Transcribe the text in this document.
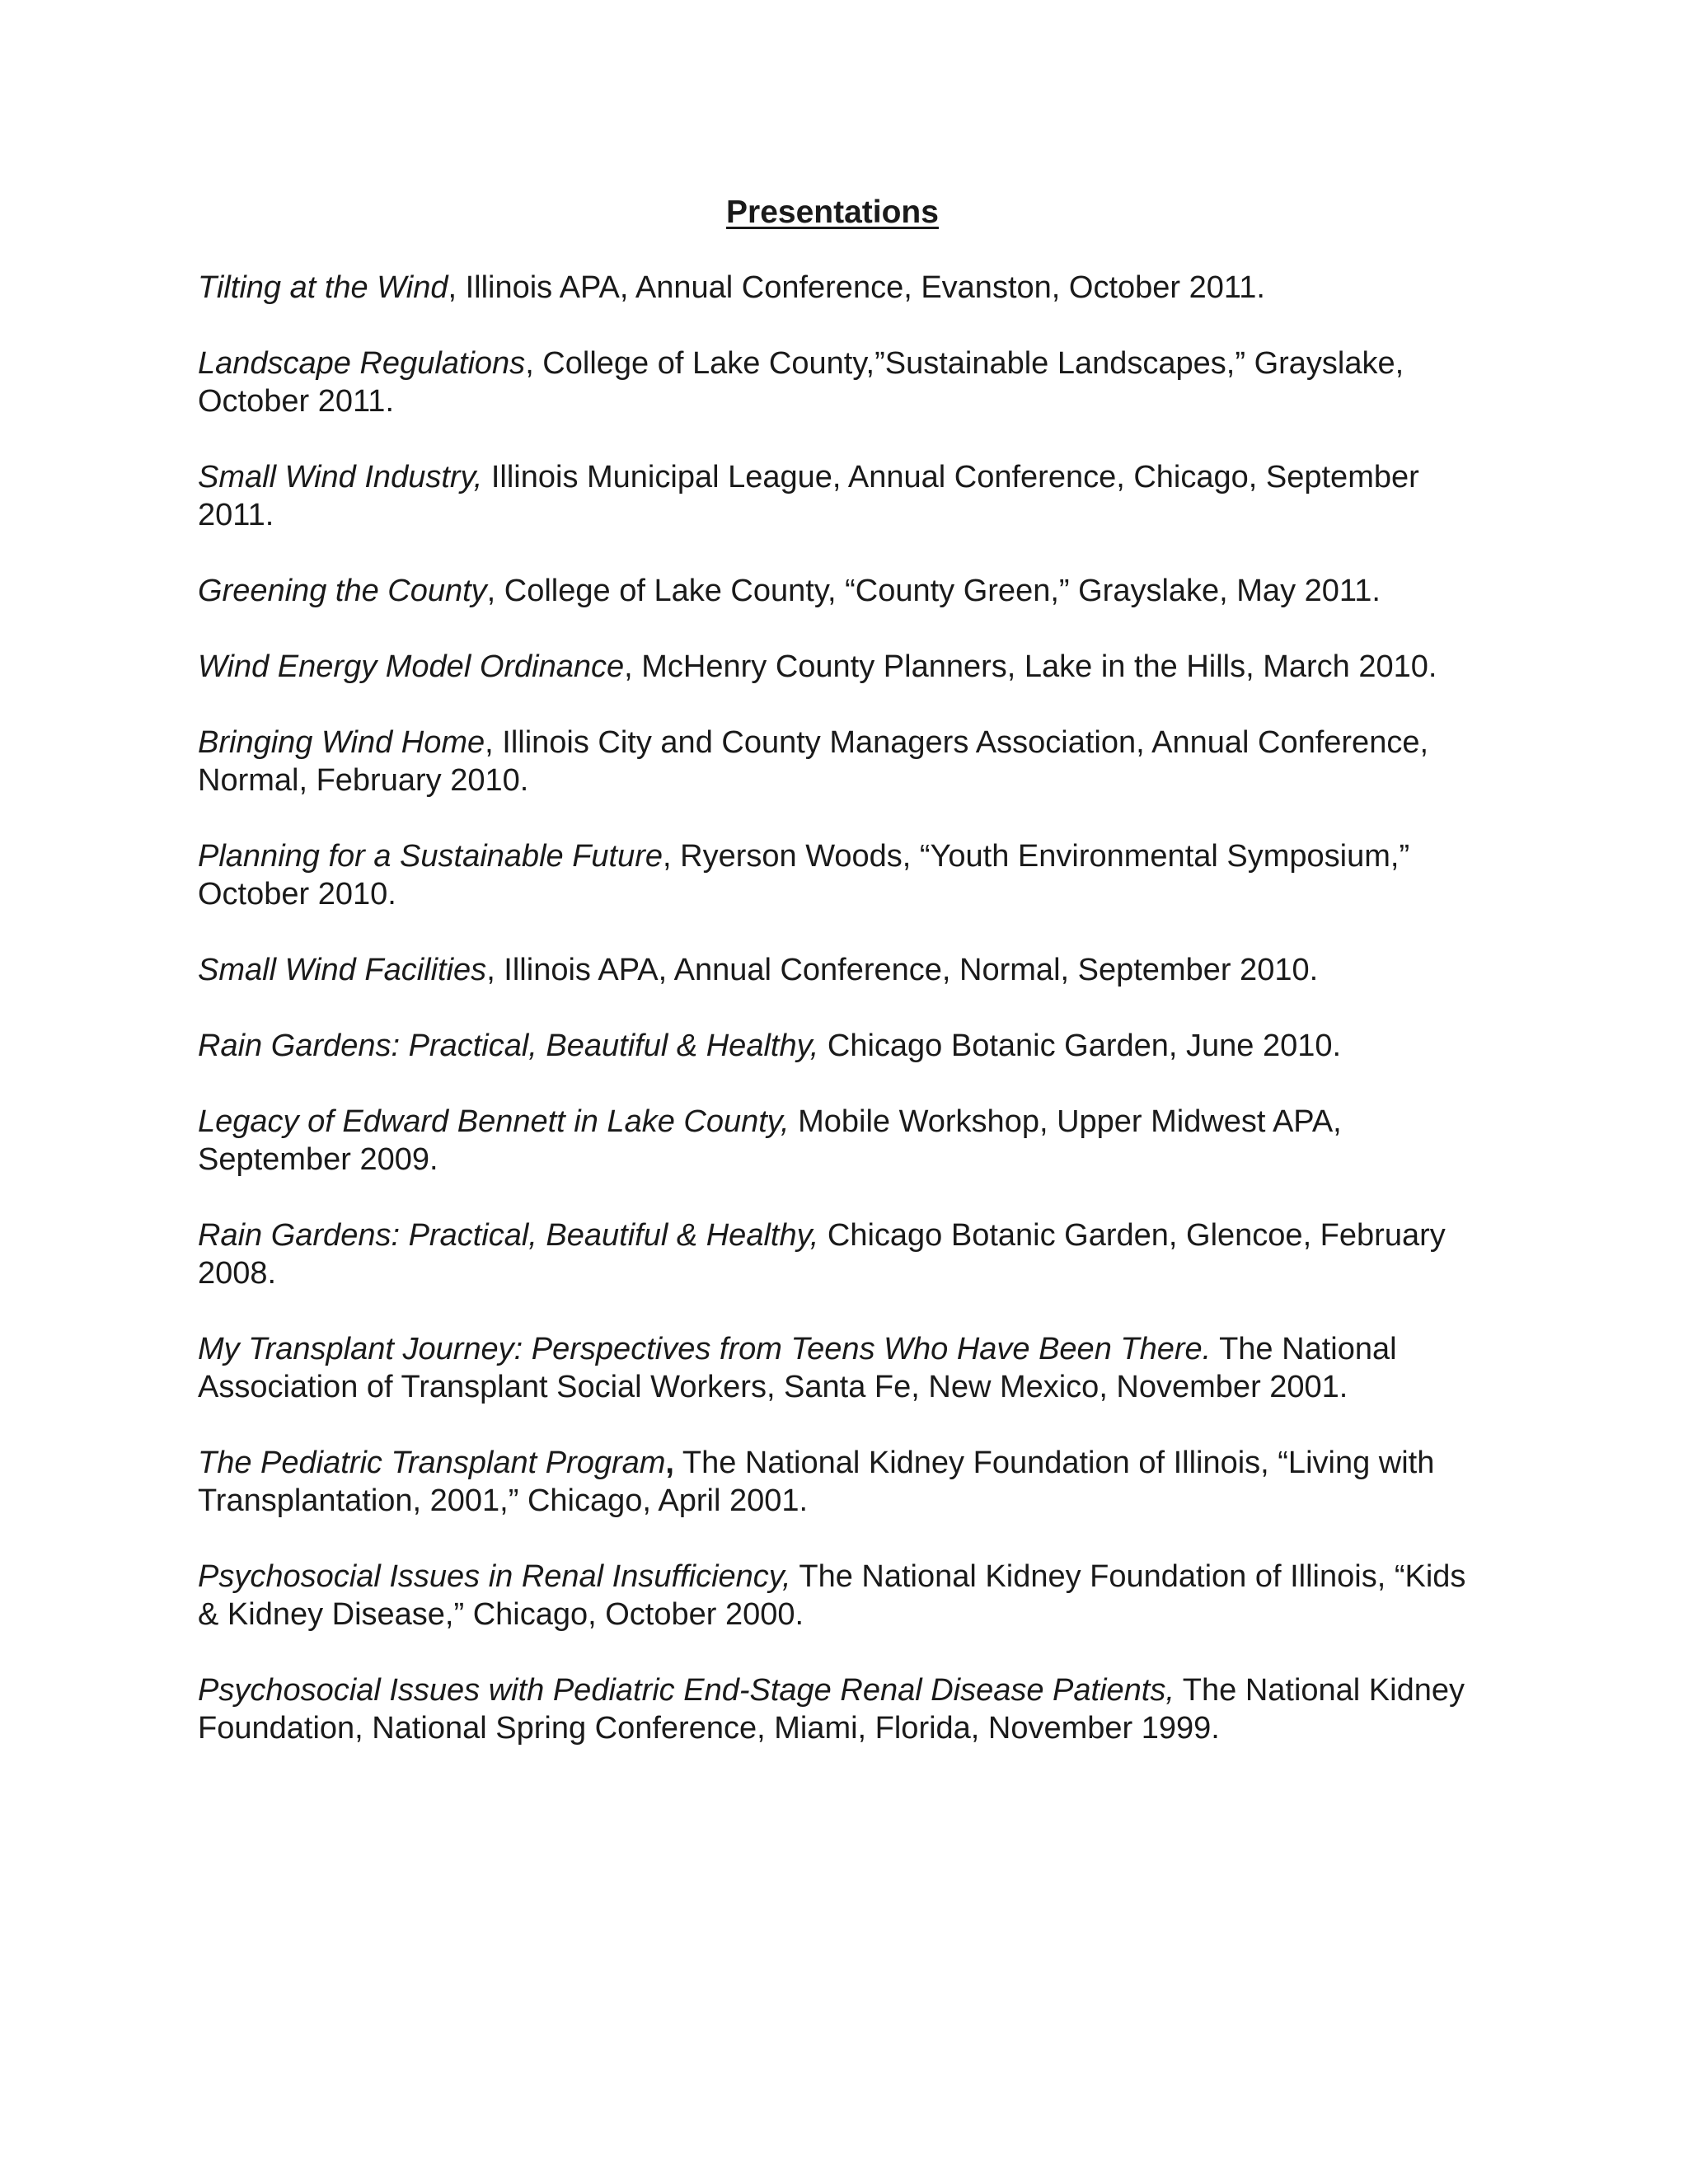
Presentations
Tilting at the Wind, Illinois APA, Annual Conference, Evanston, October 2011.
Landscape Regulations, College of Lake County,”Sustainable Landscapes,” Grayslake, October 2011.
Small Wind Industry, Illinois Municipal League, Annual Conference, Chicago, September 2011.
Greening the County, College of Lake County, “County Green,” Grayslake, May 2011.
Wind Energy Model Ordinance, McHenry County Planners, Lake in the Hills, March 2010.
Bringing Wind Home, Illinois City and County Managers Association, Annual Conference, Normal, February 2010.
Planning for a Sustainable Future, Ryerson Woods, “Youth Environmental Symposium,” October 2010.
Small Wind Facilities, Illinois APA, Annual Conference, Normal, September 2010.
Rain Gardens: Practical, Beautiful & Healthy, Chicago Botanic Garden, June 2010.
Legacy of Edward Bennett in Lake County, Mobile Workshop, Upper Midwest APA, September 2009.
Rain Gardens: Practical, Beautiful & Healthy, Chicago Botanic Garden, Glencoe, February 2008.
My Transplant Journey: Perspectives from Teens Who Have Been There. The National Association of Transplant Social Workers, Santa Fe, New Mexico, November 2001.
The Pediatric Transplant Program, The National Kidney Foundation of Illinois, “Living with Transplantation, 2001,” Chicago, April 2001.
Psychosocial Issues in Renal Insufficiency, The National Kidney Foundation of Illinois, “Kids & Kidney Disease,” Chicago, October 2000.
Psychosocial Issues with Pediatric End-Stage Renal Disease Patients, The National Kidney Foundation, National Spring Conference, Miami, Florida, November 1999.
